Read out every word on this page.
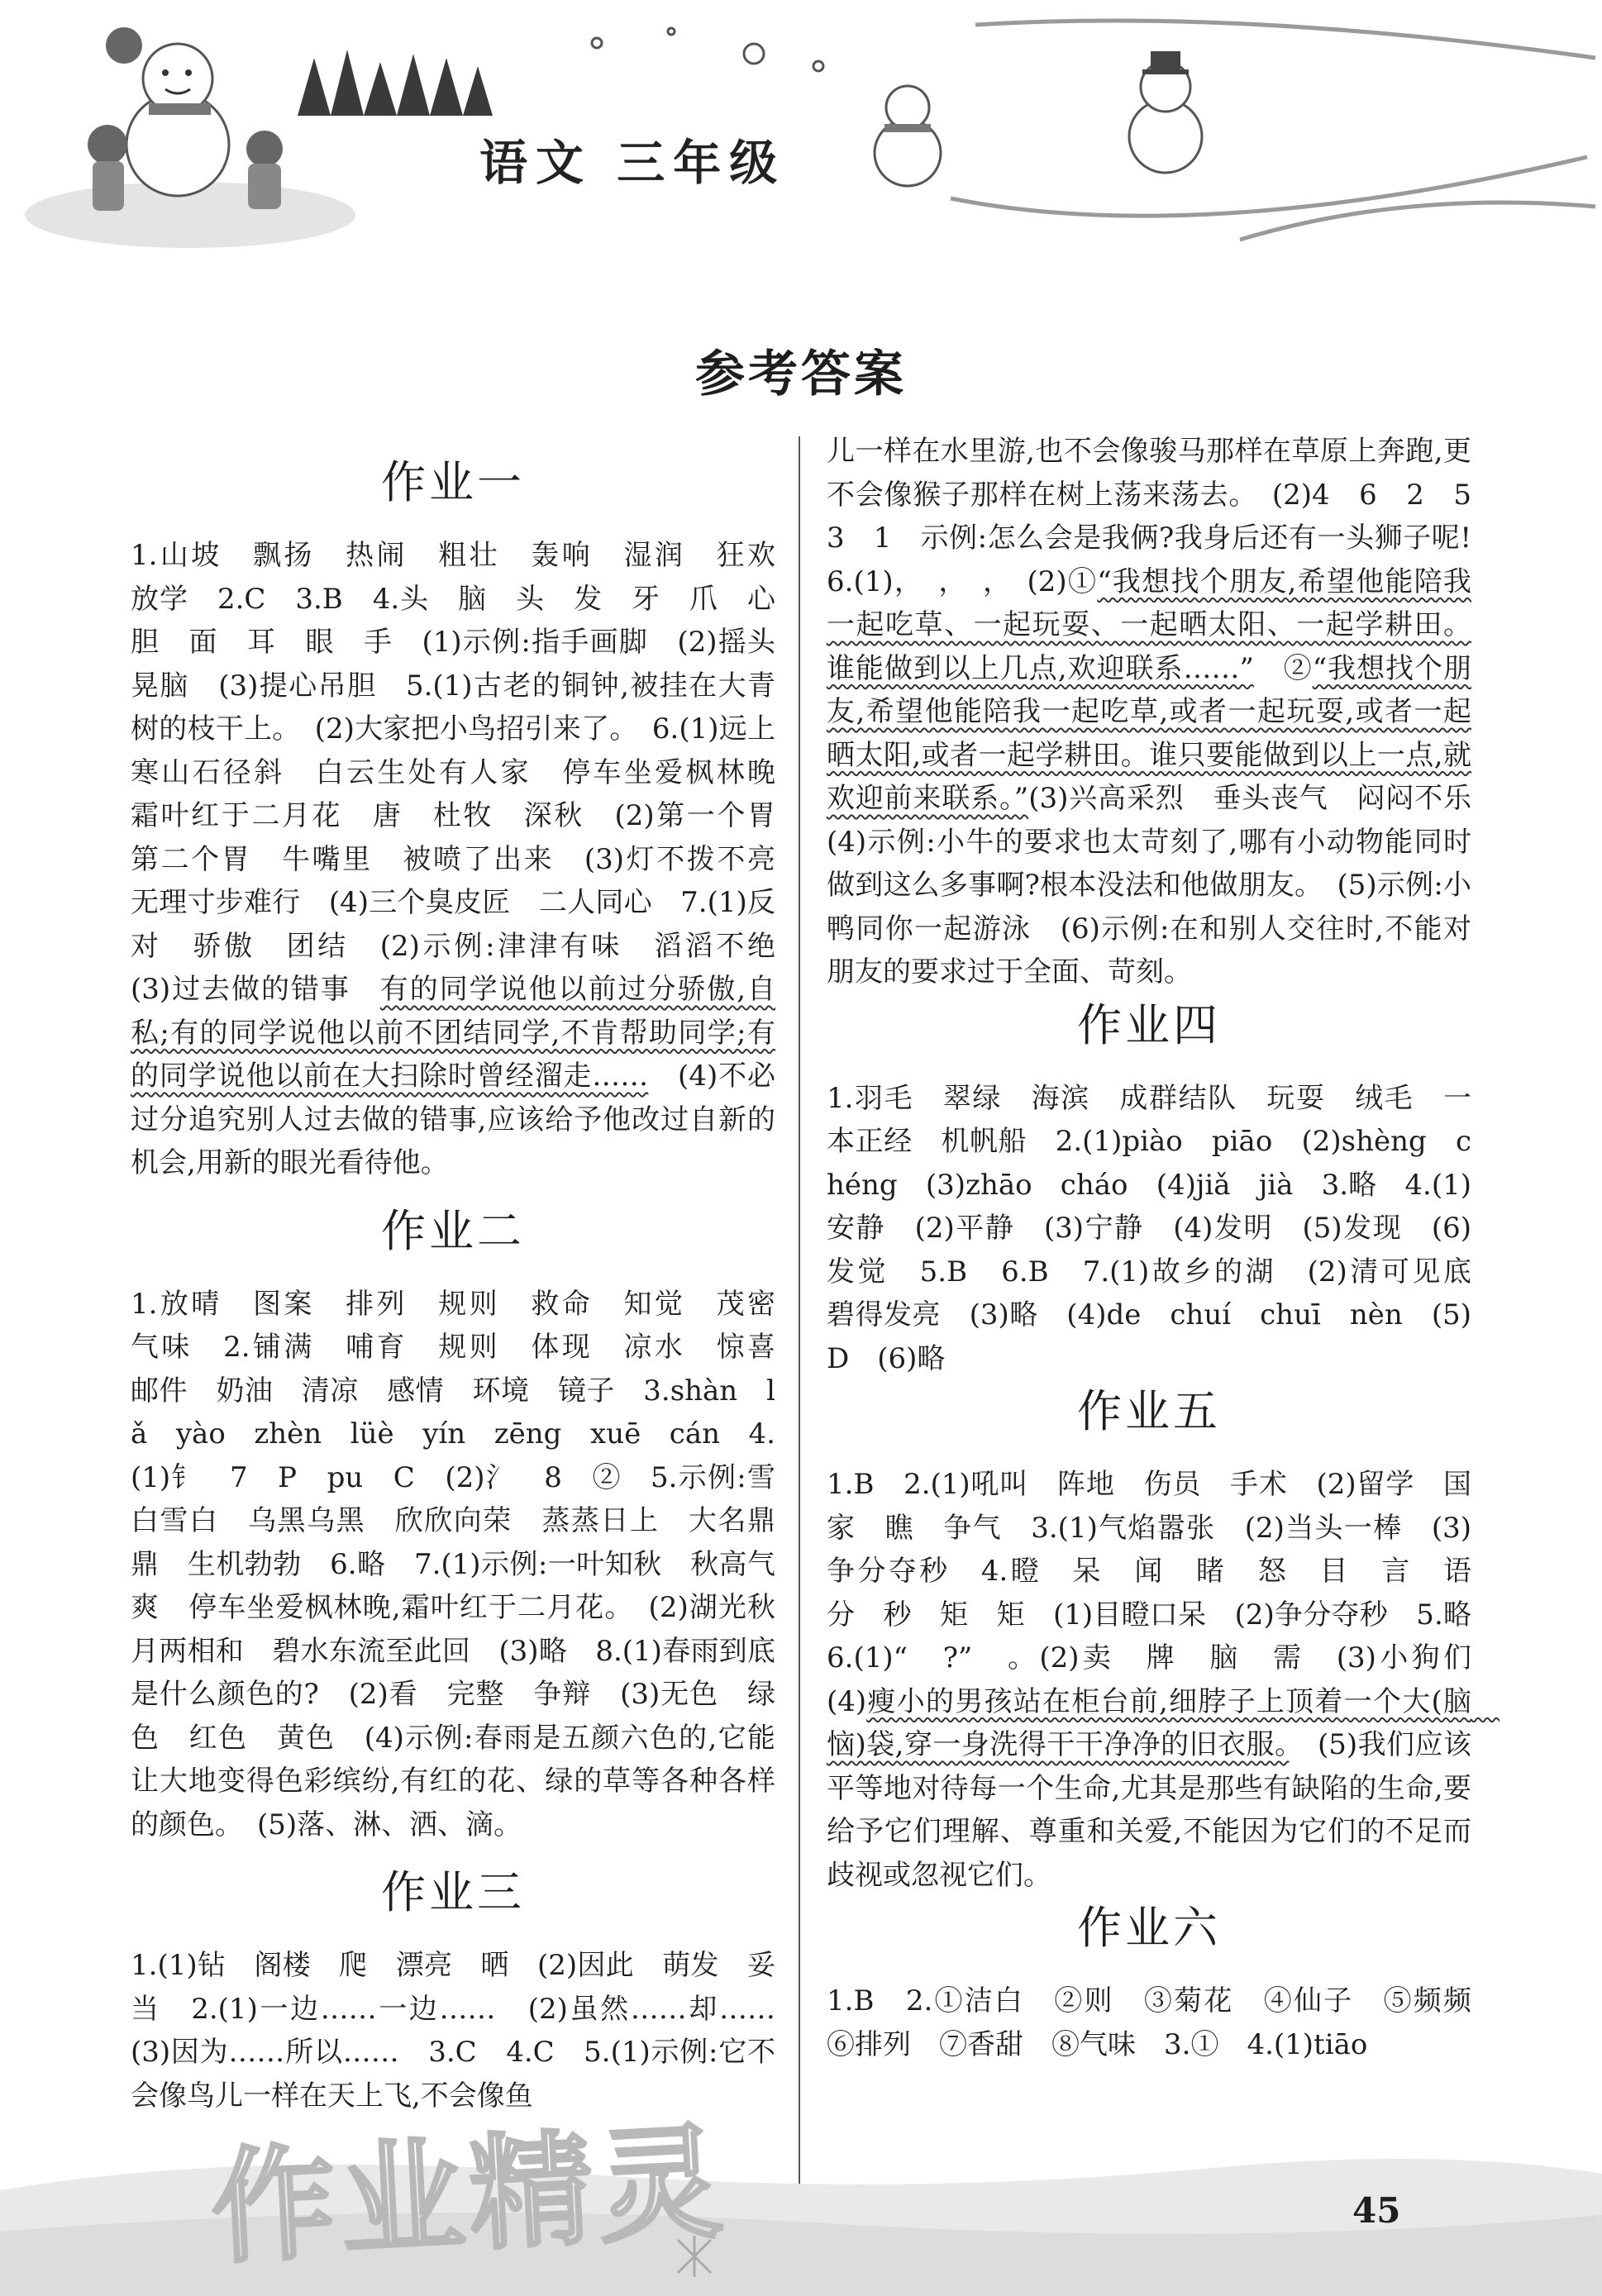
语文 三年级
参考答案
作业一

1.山坡　飘扬　热闹　粗壮　轰响　湿润　狂欢　放学　2.C　3.B　4.头　脑　头　发　牙　爪　心　胆　面　耳　眼　手　(1)示例:指手画脚　(2)摇头晃脑　(3)提心吊胆　5.(1)古老的铜钟,被挂在大青树的枝干上。　(2)大家把小鸟招引来了。　6.(1)远上寒山石径斜　白云生处有人家　停车坐爱枫林晚　霜叶红于二月花　唐　杜牧　深秋　(2)第一个胃　第二个胃　牛嘴里　被喷了出来　(3)灯不拨不亮　无理寸步难行　(4)三个臭皮匠　二人同心　7.(1)反对　骄傲　团结　(2)示例:津津有味　滔滔不绝　(3)过去做的错事　有的同学说他以前过分骄傲,自私;有的同学说他以前不团结同学,不肯帮助同学;有的同学说他以前在大扫除时曾经溜走……　(4)不必过分追究别人过去做的错事,应该给予他改过自新的机会,用新的眼光看待他。

作业二

1.放晴　图案　排列　规则　救命　知觉　茂密　气味　2.铺满　哺育　规则　体现　凉水　惊喜　邮件　奶油　清凉　感情　环境　镜子　3.shàn　lǎ　yào　zhèn　lüè　yín　zēng　xuē　cán　4.(1)钅　7　P　pu　C　(2)氵　8　②　5.示例:雪白雪白　乌黑乌黑　欣欣向荣　蒸蒸日上　大名鼎鼎　生机勃勃　6.略　7.(1)示例:一叶知秋　秋高气爽　停车坐爱枫林晚,霜叶红于二月花。　(2)湖光秋月两相和　碧水东流至此回　(3)略　8.(1)春雨到底是什么颜色的?　(2)看　完整　争辩　(3)无色　绿色　红色　黄色　(4)示例:春雨是五颜六色的,它能让大地变得色彩缤纷,有红的花、绿的草等各种各样的颜色。　(5)落、淋、洒、滴。

作业三

1.(1)钻　阁楼　爬　漂亮　晒　(2)因此　萌发　妥当　2.(1)一边……一边……　(2)虽然……却……　(3)因为……所以……　3.C　4.C　5.(1)示例:它不会像鸟儿一样在天上飞,不会像鱼

儿一样在水里游,也不会像骏马那样在草原上奔跑,更不会像猴子那样在树上荡来荡去。　(2)4　6　2　5　3　1　示例:怎么会是我俩?我身后还有一头狮子呢!　6.(1)，　，　，　(2)①“我想找个朋友,希望他能陪我一起吃草、一起玩耍、一起晒太阳、一起学耕田。谁能做到以上几点,欢迎联系……”　②“我想找个朋友,希望他能陪我一起吃草,或者一起玩耍,或者一起晒太阳,或者一起学耕田。谁只要能做到以上一点,就欢迎前来联系。”(3)兴高采烈　垂头丧气　闷闷不乐　(4)示例:小牛的要求也太苛刻了,哪有小动物能同时做到这么多事啊?根本没法和他做朋友。　(5)示例:小鸭同你一起游泳　(6)示例:在和别人交往时,不能对朋友的要求过于全面、苛刻。

作业四

1.羽毛　翠绿　海滨　成群结队　玩耍　绒毛　一本正经　机帆船　2.(1)piào　piāo　(2)shèng　chéng　(3)zhāo　cháo　(4)jiǎ　jià　3.略　4.(1)安静　(2)平静　(3)宁静　(4)发明　(5)发现　(6)发觉　5.B　6.B　7.(1)故乡的湖　(2)清可见底　碧得发亮　(3)略　(4)de　chuí　chuī　nèn　(5)D　(6)略

作业五

1.B　2.(1)吼叫　阵地　伤员　手术　(2)留学　国家　瞧　争气　3.(1)气焰嚣张　(2)当头一棒　(3)争分夺秒　4.瞪　呆　闻　睹　怒　目　言　语　分　秒　矩　矩　(1)目瞪口呆　(2)争分夺秒　5.略　6.(1)“　?”　。(2)卖　牌　脑　需　(3)小狗们　(4)瘦小的男孩站在柜台前,细脖子上顶着一个大(脑　恼)袋,穿一身洗得干干净净的旧衣服。　(5)我们应该平等地对待每一个生命,尤其是那些有缺陷的生命,要给予它们理解、尊重和关爱,不能因为它们的不足而歧视或忽视它们。

作业六

1.B　2.①洁白　②则　③菊花　④仙子　⑤频频　⑥排列　⑦香甜　⑧气味　3.①　4.(1)tiāo

作业精灵	45
